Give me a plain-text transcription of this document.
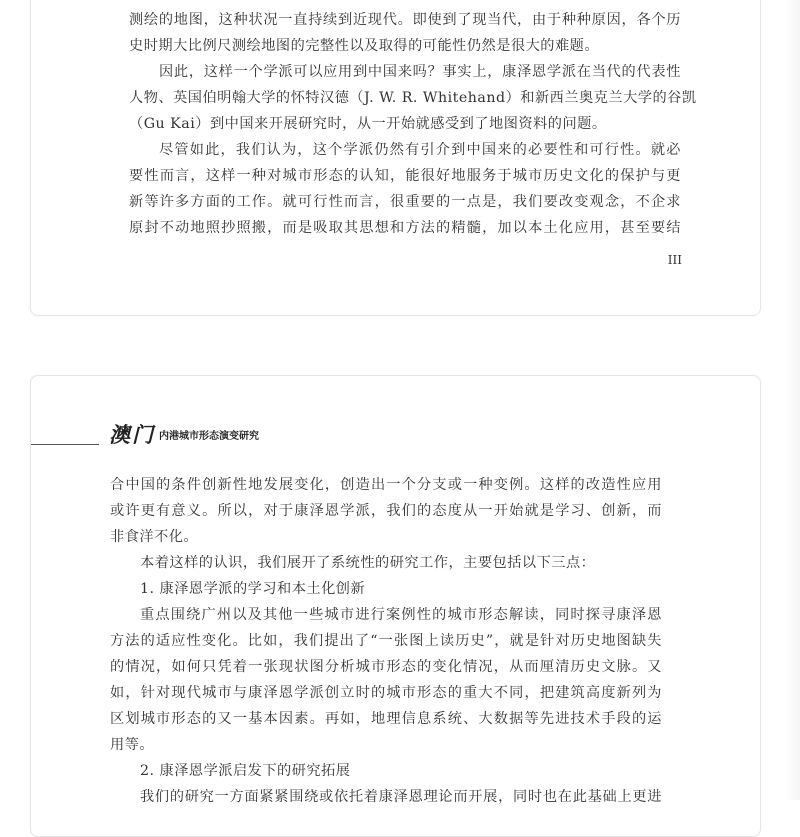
测绘的地图，这种状况一直持续到近现代。即使到了现当代，由于种种原因，各个历
史时期大比例尺测绘地图的完整性以及取得的可能性仍然是很大的难题。
因此，这样一个学派可以应用到中国来吗？事实上，康泽恩学派在当代的代表性
人物、英国伯明翰大学的怀特汉德（J. W. R. Whitehand）和新西兰奥克兰大学的谷凯
（Gu Kai）到中国来开展研究时，从一开始就感受到了地图资料的问题。
尽管如此，我们认为，这个学派仍然有引介到中国来的必要性和可行性。就必
要性而言，这样一种对城市形态的认知，能很好地服务于城市历史文化的保护与更
新等许多方面的工作。就可行性而言，很重要的一点是，我们要改变观念，不企求
原封不动地照抄照搬，而是吸取其思想和方法的精髓，加以本土化应用，甚至要结
III
澳门 内港城市形态演变研究
合中国的条件创新性地发展变化，创造出一个分支或一种变例。这样的改造性应用
或许更有意义。所以，对于康泽恩学派，我们的态度从一开始就是学习、创新，而
非食洋不化。
本着这样的认识，我们展开了系统性的研究工作，主要包括以下三点：
1. 康泽恩学派的学习和本土化创新
重点围绕广州以及其他一些城市进行案例性的城市形态解读，同时探寻康泽恩
方法的适应性变化。比如，我们提出了“一张图上读历史”，就是针对历史地图缺失
的情况，如何只凭着一张现状图分析城市形态的变化情况，从而厘清历史文脉。又
如，针对现代城市与康泽恩学派创立时的城市形态的重大不同，把建筑高度新列为
区划城市形态的又一基本因素。再如，地理信息系统、大数据等先进技术手段的运
用等。
2. 康泽恩学派启发下的研究拓展
我们的研究一方面紧紧围绕或依托着康泽恩理论而开展，同时也在此基础上更进
